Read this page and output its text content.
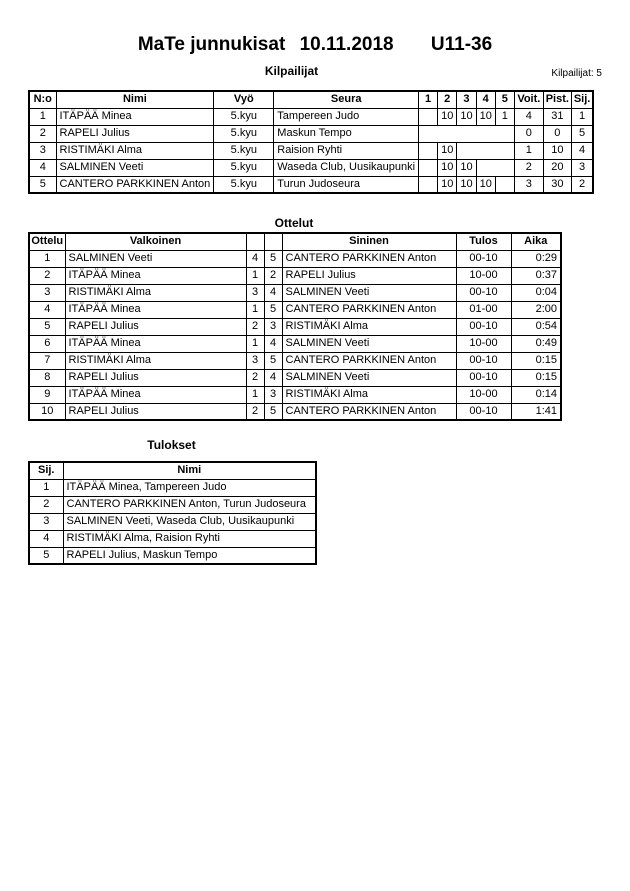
MaTe junnukisat 10.11.2018 U11-36
Kilpailijat	Kilpailijat: 5
N:o	Nimi	Vyö	Seura	1	2	3	4	5	Voit.	Pist.	Sij.
1	ITÄPÄÄ Minea	5.kyu	Tampereen Judo		10	10	10	1	4	31	1
2	RAPELI Julius	5.kyu	Maskun Tempo						0	0	5
3	RISTIMÄKI Alma	5.kyu	Raision Ryhti		10				1	10	4
4	SALMINEN Veeti	5.kyu	Waseda Club, Uusikaupunki		10	10			2	20	3
5	CANTERO PARKKINEN Anton	5.kyu	Turun Judoseura		10	10	10		3	30	2
Ottelut
Ottelu	Valkoinen			Sininen	Tulos	Aika
1	SALMINEN Veeti	4	5	CANTERO PARKKINEN Anton	00-10	0:29
2	ITÄPÄÄ Minea	1	2	RAPELI Julius	10-00	0:37
3	RISTIMÄKI Alma	3	4	SALMINEN Veeti	00-10	0:04
4	ITÄPÄÄ Minea	1	5	CANTERO PARKKINEN Anton	01-00	2:00
5	RAPELI Julius	2	3	RISTIMÄKI Alma	00-10	0:54
6	ITÄPÄÄ Minea	1	4	SALMINEN Veeti	10-00	0:49
7	RISTIMÄKI Alma	3	5	CANTERO PARKKINEN Anton	00-10	0:15
8	RAPELI Julius	2	4	SALMINEN Veeti	00-10	0:15
9	ITÄPÄÄ Minea	1	3	RISTIMÄKI Alma	10-00	0:14
10	RAPELI Julius	2	5	CANTERO PARKKINEN Anton	00-10	1:41
Tulokset
Sij.	Nimi
1	ITÄPÄÄ Minea, Tampereen Judo
2	CANTERO PARKKINEN Anton, Turun Judoseura
3	SALMINEN Veeti, Waseda Club, Uusikaupunki
4	RISTIMÄKI Alma, Raision Ryhti
5	RAPELI Julius, Maskun Tempo
